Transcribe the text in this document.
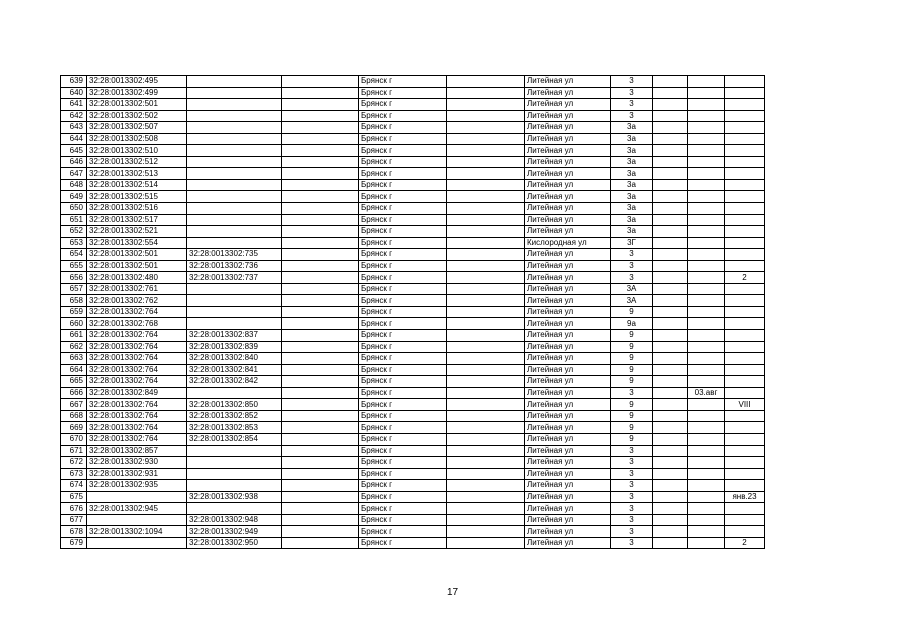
639	32:28:0013302:495			Брянск г		Литейная ул	3			
640	32:28:0013302:499			Брянск г		Литейная ул	3			
641	32:28:0013302:501			Брянск г		Литейная ул	3			
642	32:28:0013302:502			Брянск г		Литейная ул	3			
643	32:28:0013302:507			Брянск г		Литейная ул	3а			
644	32:28:0013302:508			Брянск г		Литейная ул	3а			
645	32:28:0013302:510			Брянск г		Литейная ул	3а			
646	32:28:0013302:512			Брянск г		Литейная ул	3а			
647	32:28:0013302:513			Брянск г		Литейная ул	3а			
648	32:28:0013302:514			Брянск г		Литейная ул	3а			
649	32:28:0013302:515			Брянск г		Литейная ул	3а			
650	32:28:0013302:516			Брянск г		Литейная ул	3а			
651	32:28:0013302:517			Брянск г		Литейная ул	3а			
652	32:28:0013302:521			Брянск г		Литейная ул	3а			
653	32:28:0013302:554			Брянск г		Кислородная ул	3Г			
654	32:28:0013302:501	32:28:0013302:735		Брянск г		Литейная ул	3			
655	32:28:0013302:501	32:28:0013302:736		Брянск г		Литейная ул	3			
656	32:28:0013302:480	32:28:0013302:737		Брянск г		Литейная ул	3			2
657	32:28:0013302:761			Брянск г		Литейная ул	3А			
658	32:28:0013302:762			Брянск г		Литейная ул	3А			
659	32:28:0013302:764			Брянск г		Литейная ул	9			
660	32:28:0013302:768			Брянск г		Литейная ул	9а			
661	32:28:0013302:764	32:28:0013302:837		Брянск г		Литейная ул	9			
662	32:28:0013302:764	32:28:0013302:839		Брянск г		Литейная ул	9			
663	32:28:0013302:764	32:28:0013302:840		Брянск г		Литейная ул	9			
664	32:28:0013302:764	32:28:0013302:841		Брянск г		Литейная ул	9			
665	32:28:0013302:764	32:28:0013302:842		Брянск г		Литейная ул	9			
666	32:28:0013302:849			Брянск г		Литейная ул	3		03.авг	
667	32:28:0013302:764	32:28:0013302:850		Брянск г		Литейная ул	9			VIII
668	32:28:0013302:764	32:28:0013302:852		Брянск г		Литейная ул	9			
669	32:28:0013302:764	32:28:0013302:853		Брянск г		Литейная ул	9			
670	32:28:0013302:764	32:28:0013302:854		Брянск г		Литейная ул	9			
671	32:28:0013302:857			Брянск г		Литейная ул	3			
672	32:28:0013302:930			Брянск г		Литейная ул	3			
673	32:28:0013302:931			Брянск г		Литейная ул	3			
674	32:28:0013302:935			Брянск г		Литейная ул	3			
675		32:28:0013302:938		Брянск г		Литейная ул	3			янв.23
676	32:28:0013302:945			Брянск г		Литейная ул	3			
677		32:28:0013302:948		Брянск г		Литейная ул	3			
678	32:28:0013302:1094	32:28:0013302:949		Брянск г		Литейная ул	3			
679		32:28:0013302:950		Брянск г		Литейная ул	3			2
17
